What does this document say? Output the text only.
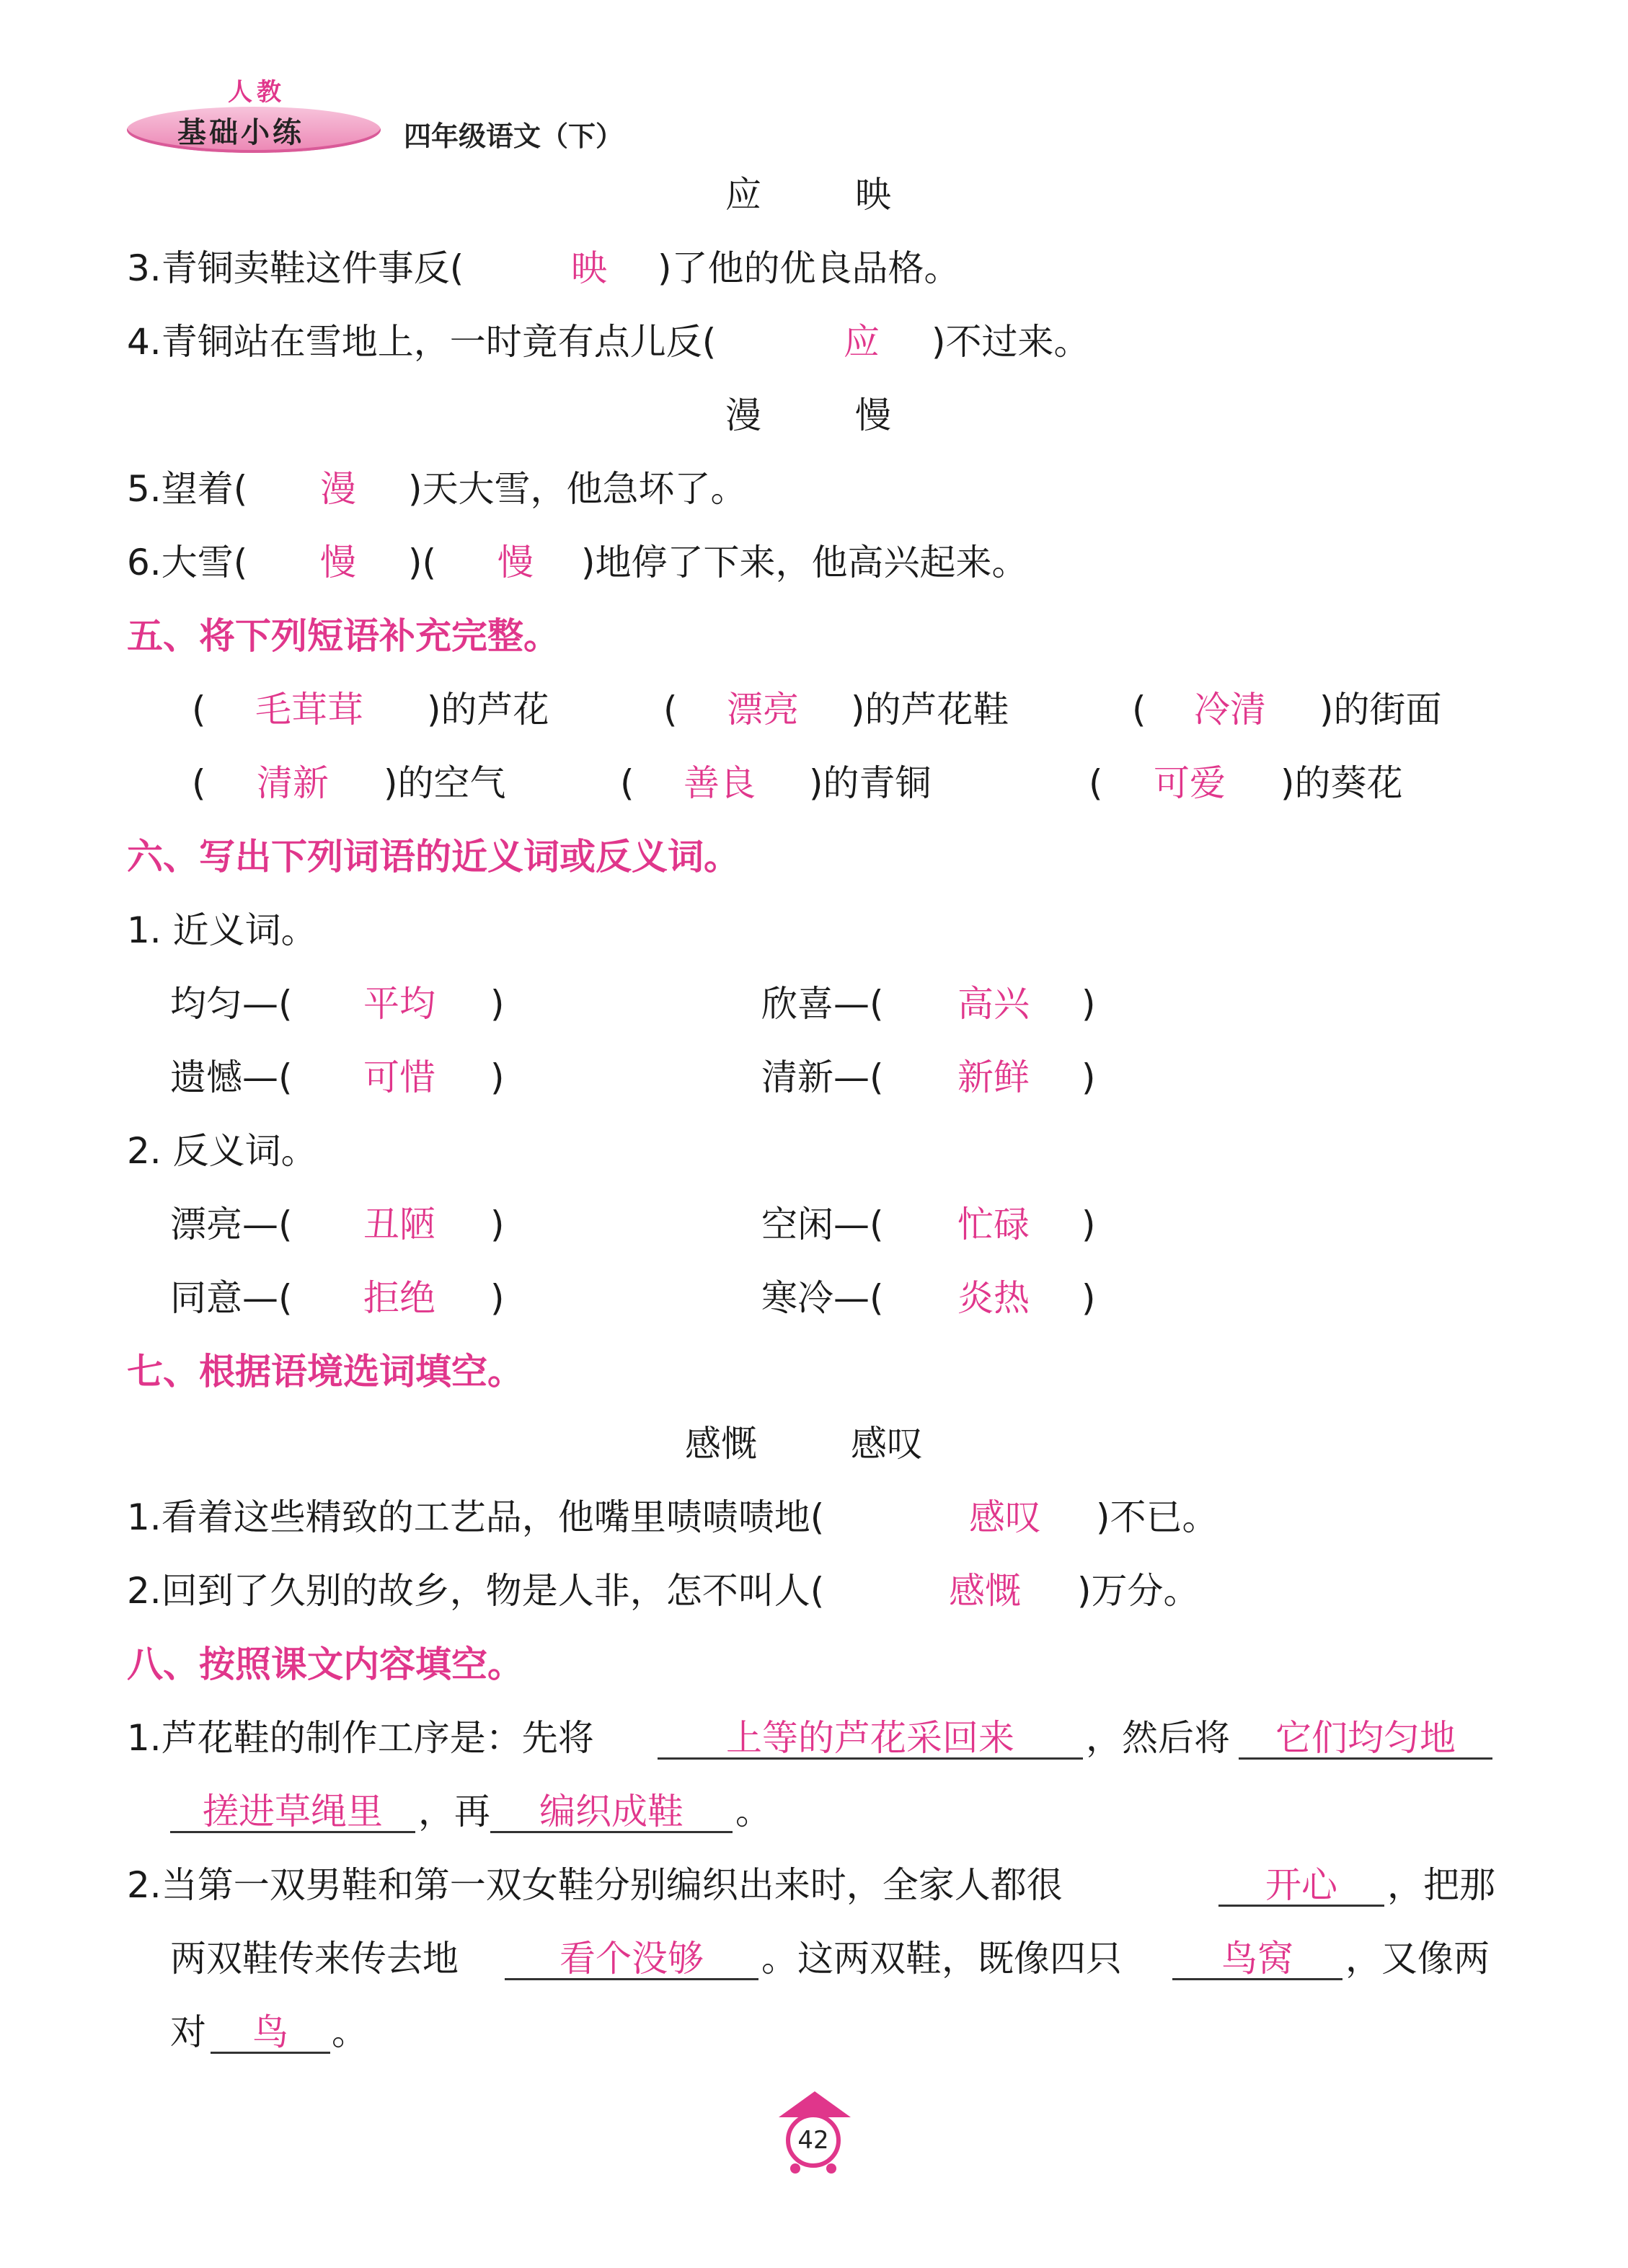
人教
基础小练	四年级语文（下）
应	映
3.青铜卖鞋这件事反(	映 )了他的优良品格。
4.青铜站在雪地上，一时竟有点儿反(	应 )不过来。
漫	慢
5.望着( 漫 )天大雪，他急坏了。
6.大雪( 慢 )( 慢 )地停了下来，他高兴起来。
五、将下列短语补充完整。
( 毛茸茸 )的芦花	( 漂亮 )的芦花鞋	( 冷清 )的街面
( 清新 )的空气	( 善良 )的青铜	( 可爱 )的葵花
六、写出下列词语的近义词或反义词。
1. 近义词。
均匀—( 平均 )	欣喜—( 高兴 )
遗憾—( 可惜 )	清新—( 新鲜 )
2. 反义词。
漂亮—( 丑陋 )	空闲—( 忙碌 )
同意—( 拒绝 )	寒冷—( 炎热 )
七、根据语境选词填空。
感慨	感叹
1.看着这些精致的工艺品，他嘴里啧啧啧地(	感叹 )不已。
2.回到了久别的故乡，物是人非，怎不叫人(	感慨 )万分。
八、按照课文内容填空。
1.芦花鞋的制作工序是：先将	上等的芦花采回来	，然后将	它们均匀地
搓进草绳里 ，再	编织成鞋	。
2.当第一双男鞋和第一双女鞋分别编织出来时，全家人都很	开心	，把那
两双鞋传来传去地	看个没够	。这两双鞋，既像四只	鸟窝	，又像两
对	鸟	。
42
